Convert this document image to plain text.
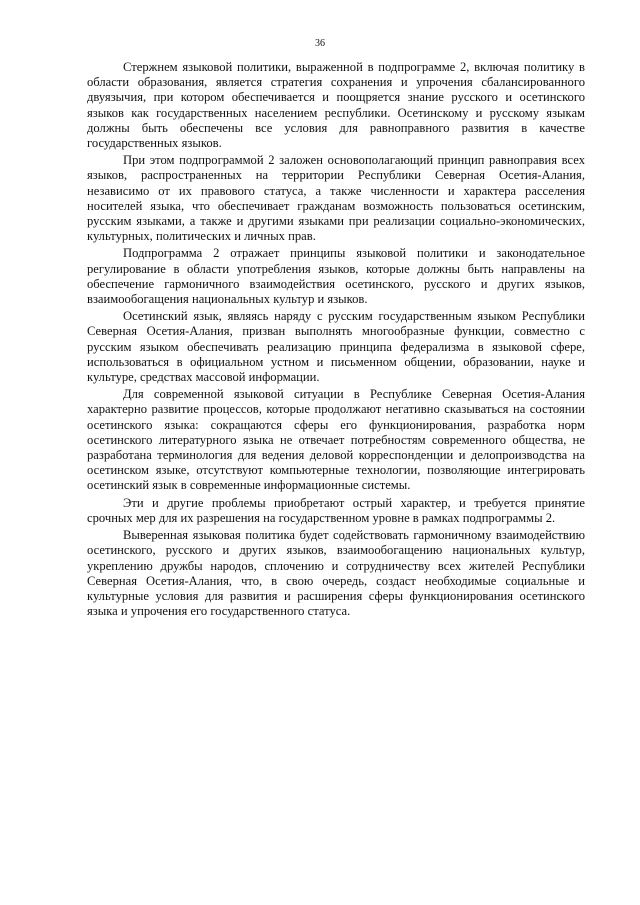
36

Стержнем языковой политики, выраженной в подпрограмме 2, включая политику в области образования, является стратегия сохранения и упрочения сбалансированного двуязычия, при котором обеспечивается и поощряется знание русского и осетинского языков как государственных населением республики. Осетинскому и русскому языкам должны быть обеспечены все условия для равноправного развития в качестве государственных языков.

При этом подпрограммой 2 заложен основополагающий принцип равноправия всех языков, распространенных на территории Республики Северная Осетия-Алания, независимо от их правового статуса, а также численности и характера расселения носителей языка, что обеспечивает гражданам возможность пользоваться осетинским, русским языками, а также и другими языками при реализации социально-экономических, культурных, политических и личных прав.

Подпрограмма 2 отражает принципы языковой политики и законодательное регулирование в области употребления языков, которые должны быть направлены на обеспечение гармоничного взаимодействия осетинского, русского и других языков, взаимообогащения национальных культур и языков.

Осетинский язык, являясь наряду с русским государственным языком Республики Северная Осетия-Алания, призван выполнять многообразные функции, совместно с русским языком обеспечивать реализацию принципа федерализма в языковой сфере, использоваться в официальном устном и письменном общении, образовании, науке и культуре, средствах массовой информации.

Для современной языковой ситуации в Республике Северная Осетия-Алания характерно развитие процессов, которые продолжают негативно сказываться на состоянии осетинского языка: сокращаются сферы его функционирования, разработка норм осетинского литературного языка не отвечает потребностям современного общества, не разработана терминология для ведения деловой корреспонденции и делопроизводства на осетинском языке, отсутствуют компьютерные технологии, позволяющие интегрировать осетинский язык в современные информационные системы.

Эти и другие проблемы приобретают острый характер, и требуется принятие срочных мер для их разрешения на государственном уровне в рамках подпрограммы 2.

Выверенная языковая политика будет содействовать гармоничному взаимодействию осетинского, русского и других языков, взаимообогащению национальных культур, укреплению дружбы народов, сплочению и сотрудничеству всех жителей Республики Северная Осетия-Алания, что, в свою очередь, создаст необходимые социальные и культурные условия для развития и расширения сферы функционирования осетинского языка и упрочения его государственного статуса.
